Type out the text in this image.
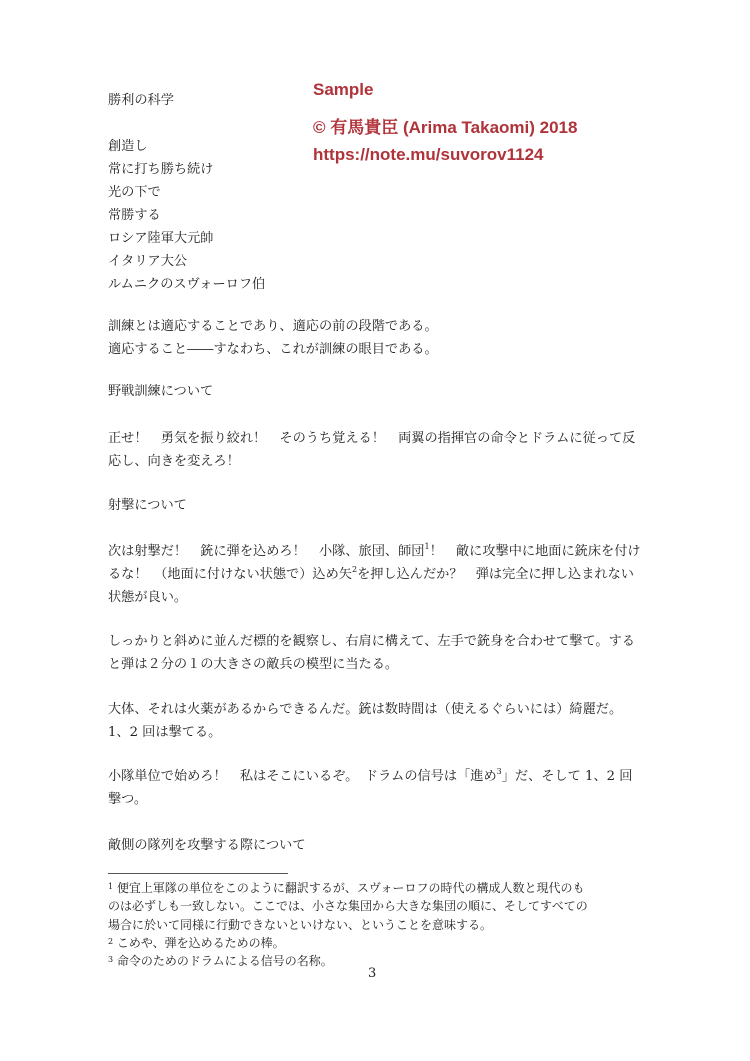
Sample
© 有馬貴臣 (Arima Takaomi) 2018
https://note.mu/suvorov1124
勝利の科学
創造し
常に打ち勝ち続け
光の下で
常勝する
ロシア陸軍大元帥
イタリア大公
ルムニクのスヴォーロフ伯
訓練とは適応することであり、適応の前の段階である。
適応すること――すなわち、これが訓練の眼目である。
野戦訓練について
正せ！　勇気を振り絞れ！　そのうち覚える！　両翼の指揮官の命令とドラムに従って反
応し、向きを変えろ！
射撃について
次は射撃だ！　銃に弾を込めろ！　小隊、旅団、師団$^1$！　敵に攻撃中に地面に銃床を付け
るな！　（地面に付けない状態で）込め矢$^2$を押し込んだか？　弾は完全に押し込まれない
状態が良い。
しっかりと斜めに並んだ標的を観察し、右肩に構えて、左手で銃身を合わせて撃て。する
と弾は２分の１の大きさの敵兵の模型に当たる。
大体、それは火薬があるからできるんだ。銃は数時間は（使えるぐらいには）綺麗だ。
1、2 回は撃てる。
小隊単位で始めろ！　私はそこにいるぞ。　ドラムの信号は「進め$^3$」だ、そして 1、2 回
撃つ。
敵側の隊列を攻撃する際について
$^1$ 便宜上軍隊の単位をこのように翻訳するが、スヴォーロフの時代の構成人数と現代のも
のは必ずしも一致しない。ここでは、小さな集団から大きな集団の順に、そしてすべての
場合に於いて同様に行動できないといけない、ということを意味する。
$^2$ こめや、弾を込めるための棒。
$^3$ 命令のためのドラムによる信号の名称。
3
